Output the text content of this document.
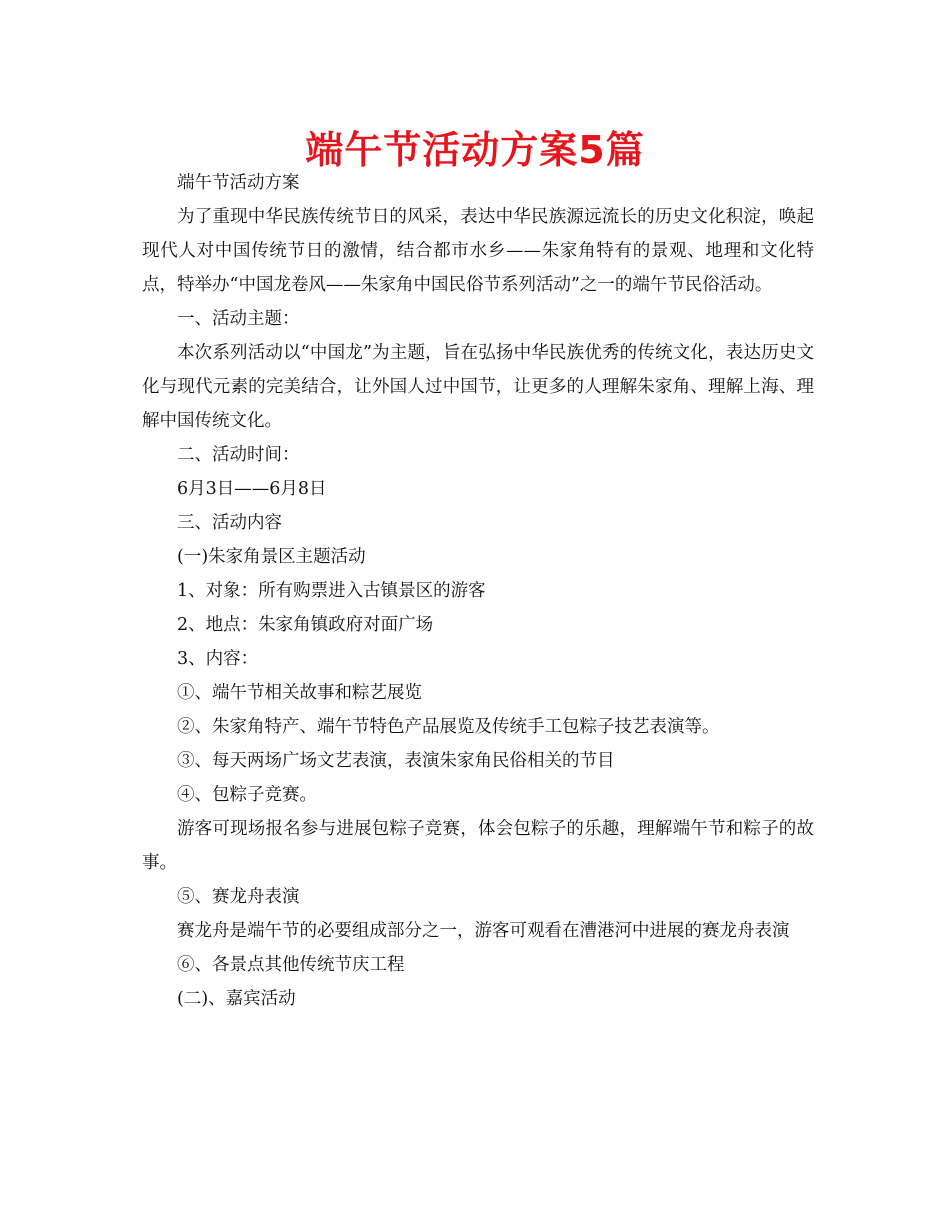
端午节活动方案5篇

端午节活动方案

为了重现中华民族传统节日的风采，表达中华民族源远流长的历史文化积淀，唤起现代人对中国传统节日的激情，结合都市水乡——朱家角特有的景观、地理和文化特点，特举办“中国龙卷风——朱家角中国民俗节系列活动”之一的端午节民俗活动。

一、活动主题：

本次系列活动以“中国龙”为主题，旨在弘扬中华民族优秀的传统文化，表达历史文化与现代元素的完美结合，让外国人过中国节，让更多的人理解朱家角、理解上海、理解中国传统文化。

二、活动时间：

6月3日——6月8日

三、活动内容

(一)朱家角景区主题活动

1、对象：所有购票进入古镇景区的游客

2、地点：朱家角镇政府对面广场

3、内容：

①、端午节相关故事和粽艺展览

②、朱家角特产、端午节特色产品展览及传统手工包粽子技艺表演等。

③、每天两场广场文艺表演，表演朱家角民俗相关的节目

④、包粽子竞赛。

游客可现场报名参与进展包粽子竞赛，体会包粽子的乐趣，理解端午节和粽子的故事。

⑤、赛龙舟表演

赛龙舟是端午节的必要组成部分之一，游客可观看在漕港河中进展的赛龙舟表演

⑥、各景点其他传统节庆工程

(二)、嘉宾活动
